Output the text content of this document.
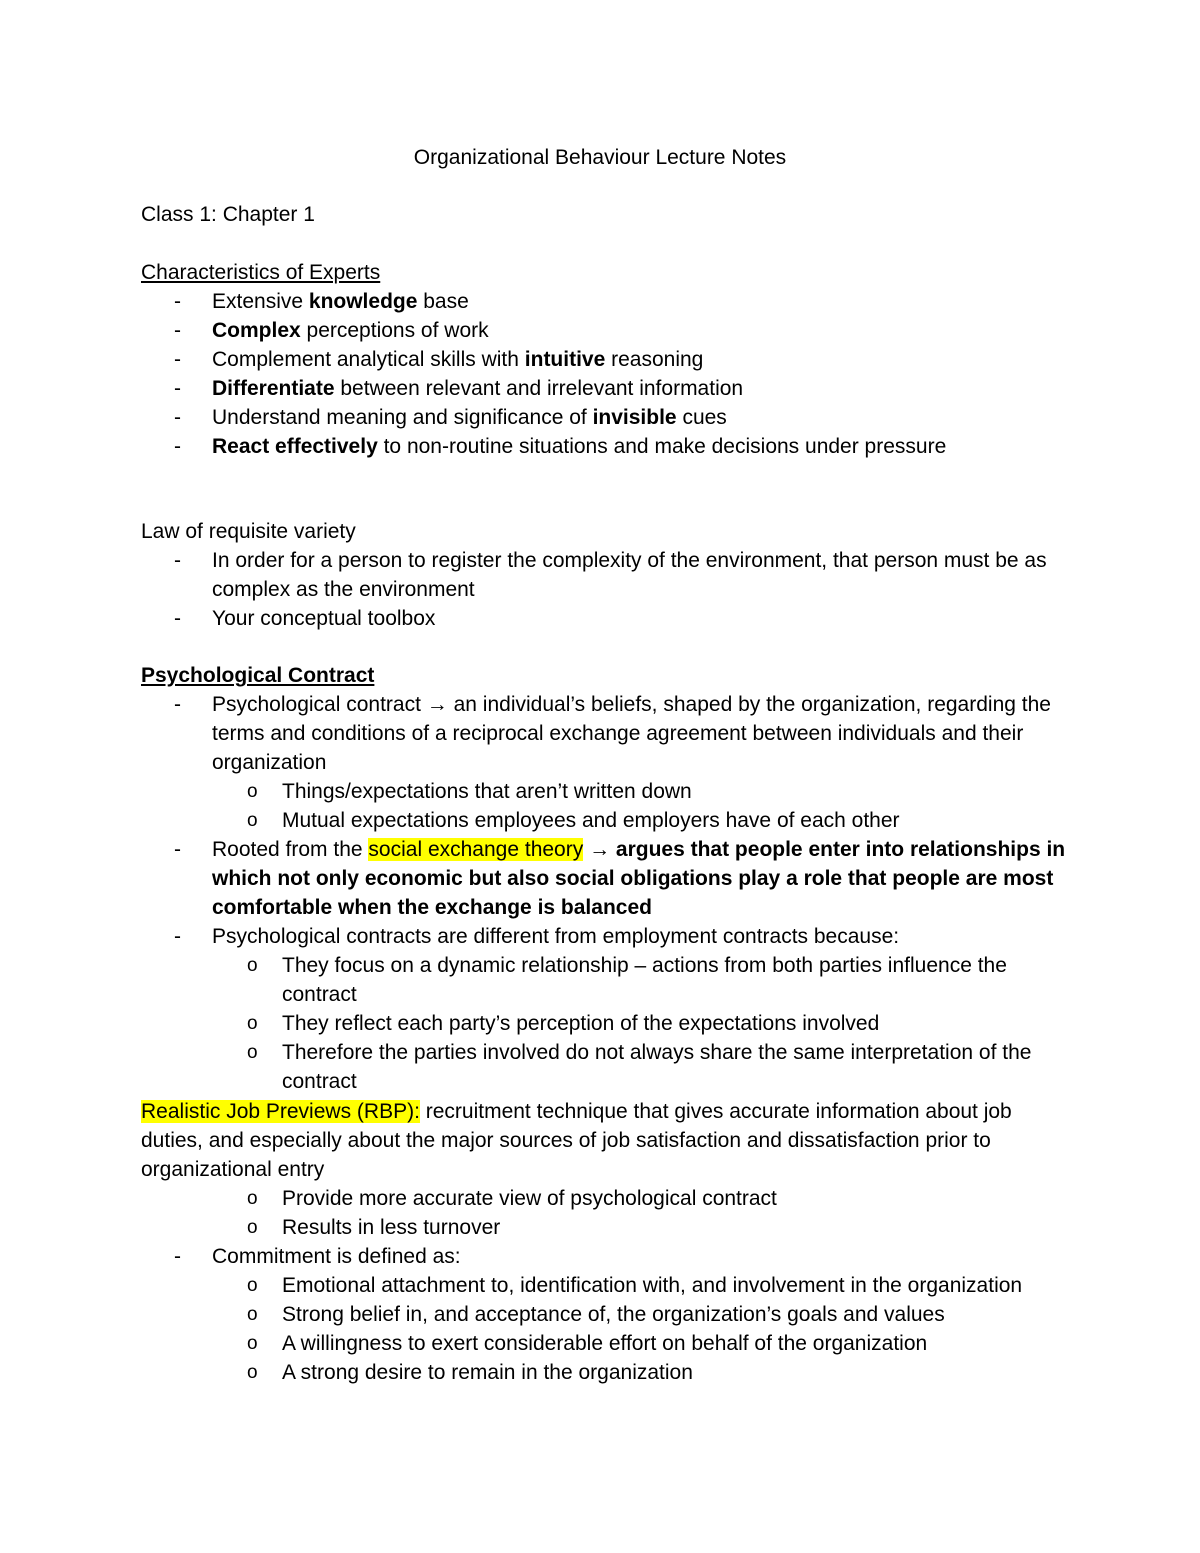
Organizational Behaviour Lecture Notes
Class 1: Chapter 1
Characteristics of Experts
- Extensive knowledge base
- Complex perceptions of work
- Complement analytical skills with intuitive reasoning
- Differentiate between relevant and irrelevant information
- Understand meaning and significance of invisible cues
- React effectively to non-routine situations and make decisions under pressure
Law of requisite variety
- In order for a person to register the complexity of the environment, that person must be as complex as the environment
- Your conceptual toolbox
Psychological Contract
- Psychological contract → an individual’s beliefs, shaped by the organization, regarding the terms and conditions of a reciprocal exchange agreement between individuals and their organization
o Things/expectations that aren’t written down
o Mutual expectations employees and employers have of each other
- Rooted from the social exchange theory → argues that people enter into relationships in which not only economic but also social obligations play a role that people are most comfortable when the exchange is balanced
- Psychological contracts are different from employment contracts because:
o They focus on a dynamic relationship – actions from both parties influence the contract
o They reflect each party’s perception of the expectations involved
o Therefore the parties involved do not always share the same interpretation of the contract
Realistic Job Previews (RBP): recruitment technique that gives accurate information about job duties, and especially about the major sources of job satisfaction and dissatisfaction prior to organizational entry
o Provide more accurate view of psychological contract
o Results in less turnover
- Commitment is defined as:
o Emotional attachment to, identification with, and involvement in the organization
o Strong belief in, and acceptance of, the organization’s goals and values
o A willingness to exert considerable effort on behalf of the organization
o A strong desire to remain in the organization
